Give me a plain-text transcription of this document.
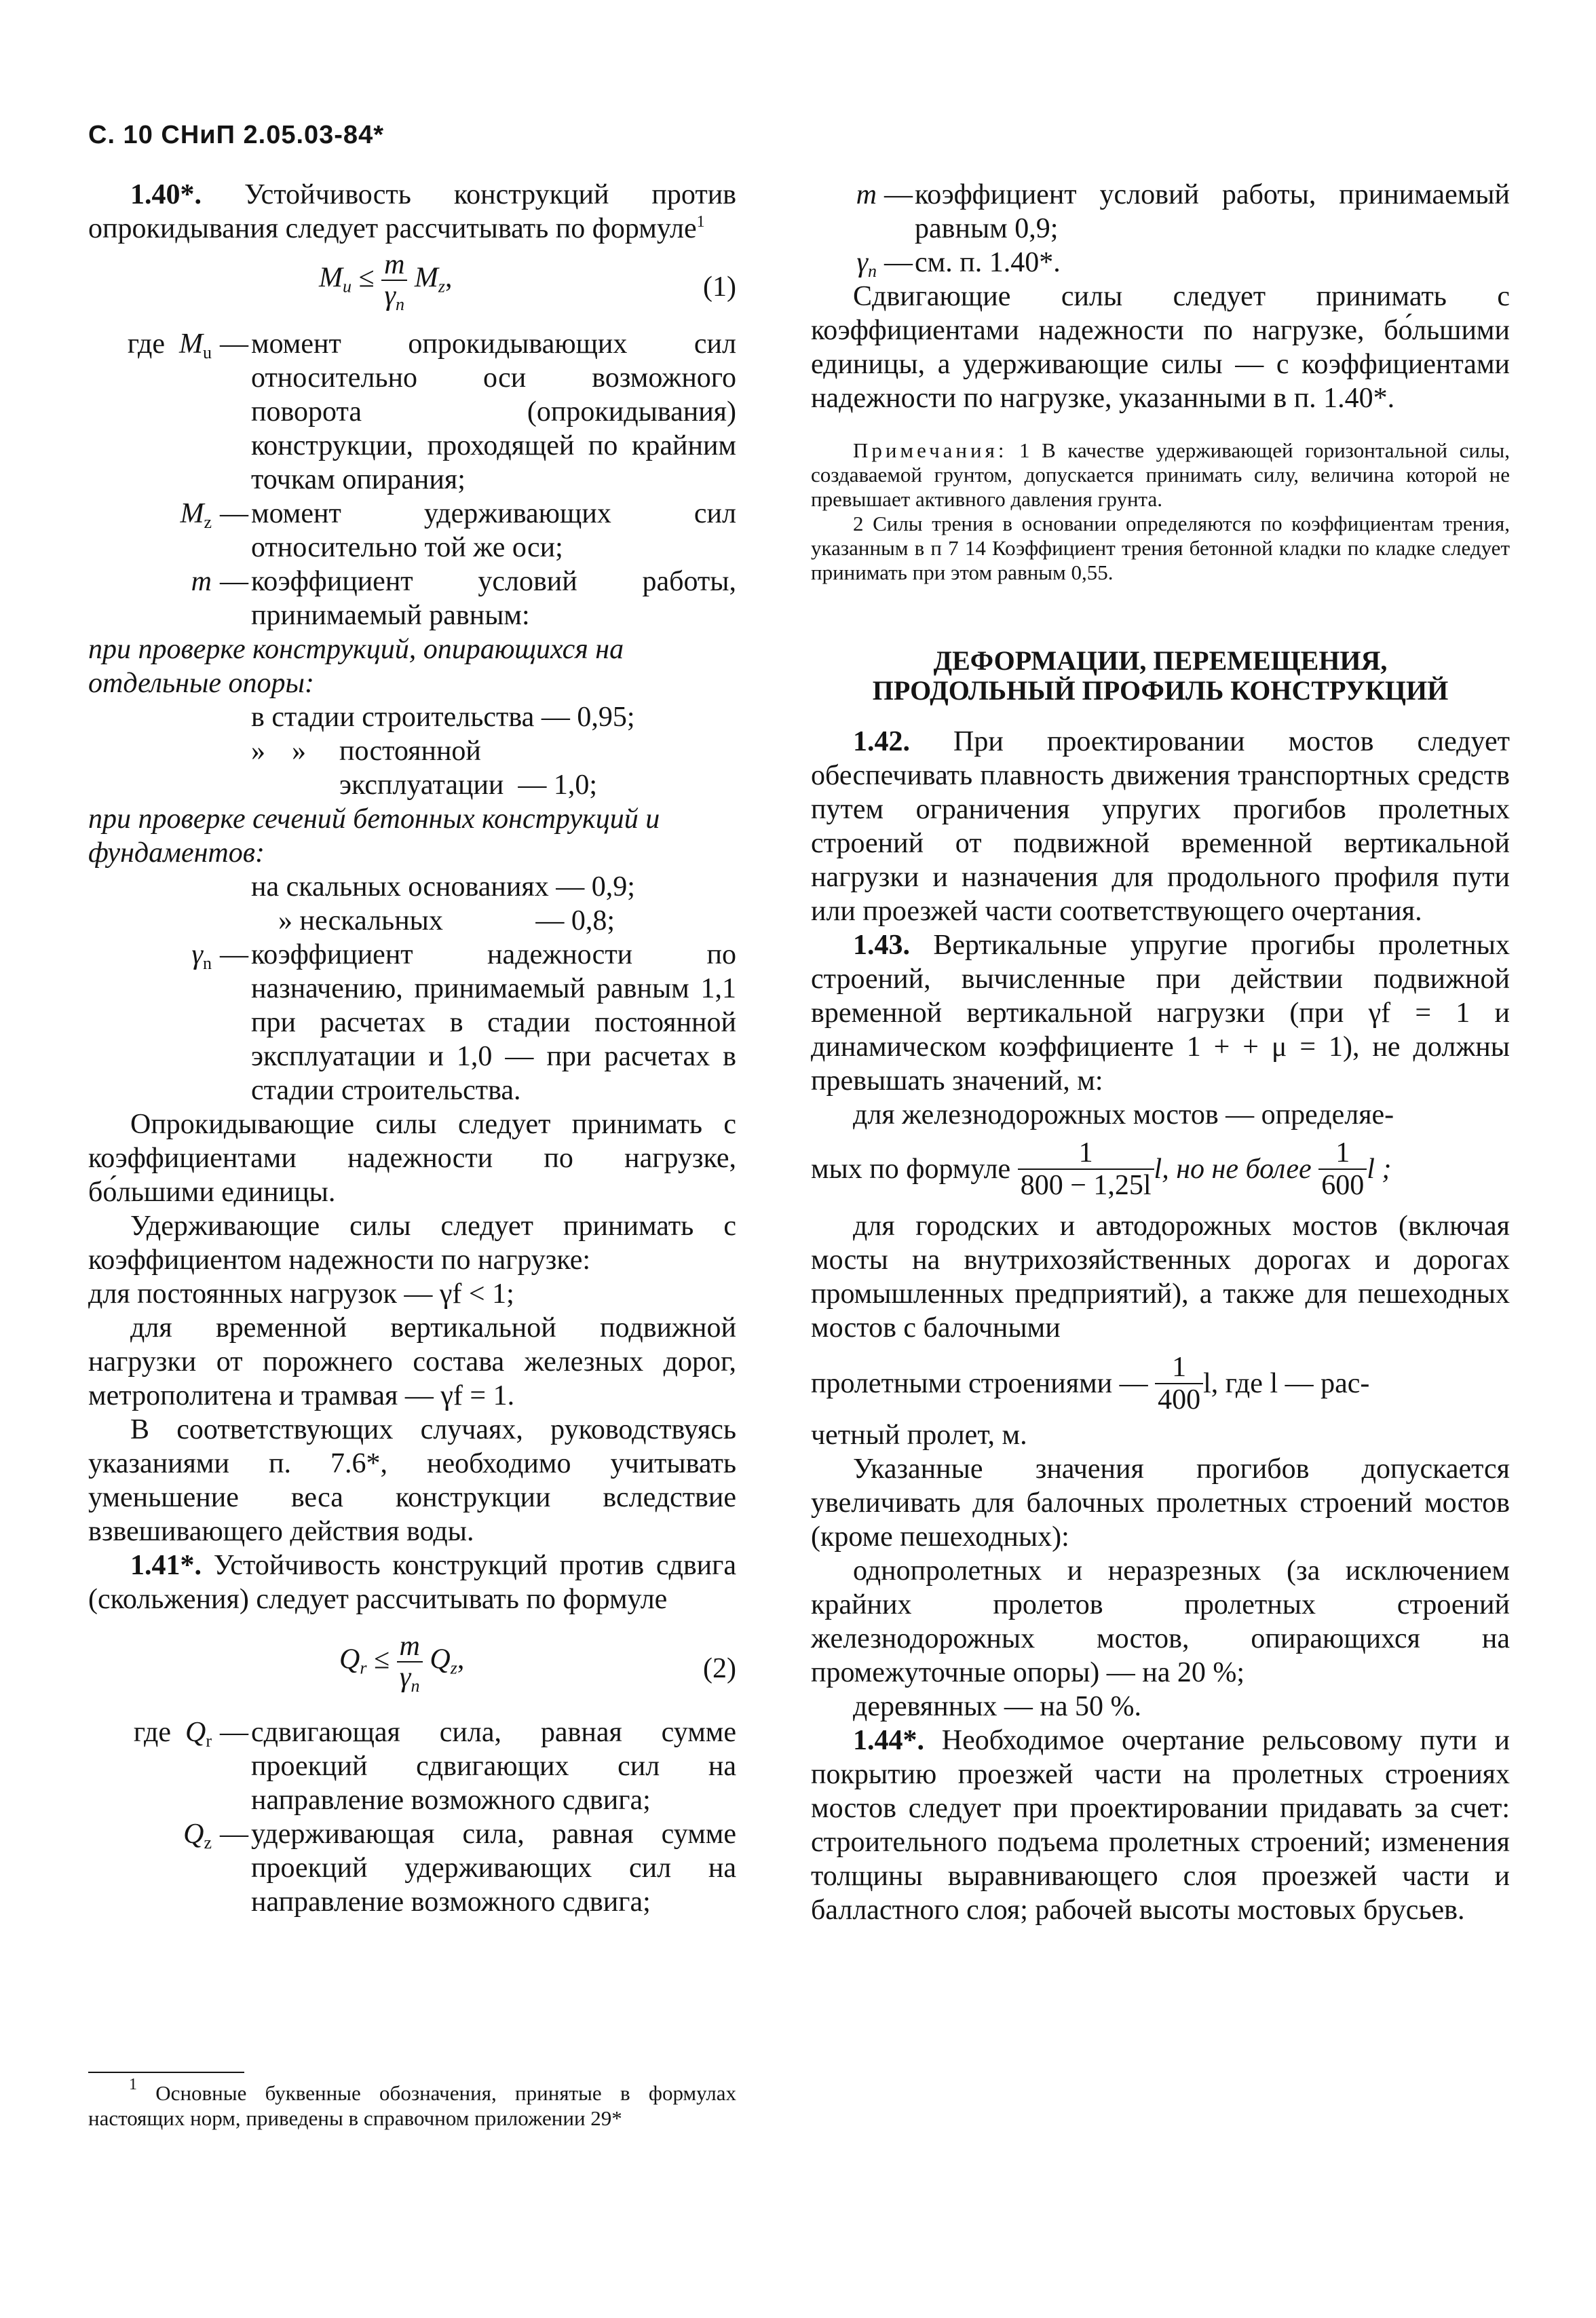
С. 10 СНиП 2.05.03-84*

1.40*. Устойчивость конструкций против опрокидывания следует рассчитывать по формуле$^1$

$M_u \le \frac{m}{\gamma_n} M_z$,	(1)
где $M_u$ — момент опрокидывающих сил относительно оси возможного поворота (опрокидывания) конструкции, проходящей по крайним точкам опирания;
$M_z$ — момент удерживающих сил относительно той же оси;
m — коэффициент условий работы, принимаемый равным:

при проверке конструкций, опирающихся на отдельные опоры:

в стадии строительства — 0,95;
» »	постоянной
эксплуатации  — 1,0;

при проверке сечений бетонных конструкций и фундаментов:

на скальных основаниях — 0,9;
» нескальных             — 0,8;
$\gamma_n$ — коэффициент надежности по назначению, принимаемый равным 1,1 при расчетах в стадии постоянной эксплуатации и 1,0 — при расчетах в стадии строительства.

Опрокидывающие силы следует принимать с коэффициентами надежности по нагрузке, бо́льшими единицы.

Удерживающие силы следует принимать с коэффициентом надежности по нагрузке:

для постоянных нагрузок — γf < 1;

для временной вертикальной подвижной нагрузки от порожнего состава железных дорог, метрополитена и трамвая — γf = 1.

В соответствующих случаях, руководствуясь указаниями п. 7.6*, необходимо учитывать уменьшение веса конструкции вследствие взвешивающего действия воды.

1.41*. Устойчивость конструкций против сдвига (скольжения) следует рассчитывать по формуле

$Q_r \le \frac{m}{\gamma_n} Q_z$,	(2)
где $Q_r$ — сдвигающая сила, равная сумме проекций сдвигающих сил на направление возможного сдвига;
$Q_z$ — удерживающая сила, равная сумме проекций удерживающих сил на направление возможного сдвига;

$^1$ Основные буквенные обозначения, принятые в формулах настоящих норм, приведены в справочном приложении 29*

m — коэффициент условий работы, принимаемый равным 0,9;
$\gamma_n$ — см. п. 1.40*.

Сдвигающие силы следует принимать с коэффициентами надежности по нагрузке, бо́льшими единицы, а удерживающие силы — с коэффициентами надежности по нагрузке, указанными в п. 1.40*.

Примечания: 1 В качестве удерживающей горизонтальной силы, создаваемой грунтом, допускается принимать силу, величина которой не превышает активного давления грунта.

2 Силы трения в основании определяются по коэффициентам трения, указанным в п 7 14 Коэффициент трения бетонной кладки по кладке следует принимать при этом равным 0,55.

ДЕФОРМАЦИИ, ПЕРЕМЕЩЕНИЯ,
ПРОДОЛЬНЫЙ ПРОФИЛЬ КОНСТРУКЦИЙ

1.42. При проектировании мостов следует обеспечивать плавность движения транспортных средств путем ограничения упругих прогибов пролетных строений от подвижной временной вертикальной нагрузки и назначения для продольного профиля пути или проезжей части соответствующего очертания.

1.43. Вертикальные упругие прогибы пролетных строений, вычисленные при действии подвижной временной вертикальной нагрузки (при γf = 1 и динамическом коэффициенте 1 + + μ = 1), не должны превышать значений, м:

для железнодорожных мостов — определяе-

мых по формуле
$\frac{1}{800 - 1,25l} l$, но не более
$\frac{1}{600}$ l ;

для городских и автодорожных мостов (включая мосты на внутрихозяйственных дорогах и дорогах промышленных предприятий), а также для пешеходных мостов с балочными

пролетными строениями —
$\frac{1}{400} l$, где l — рас-

четный пролет, м.

Указанные значения прогибов допускается увеличивать для балочных пролетных строений мостов (кроме пешеходных):

однопролетных и неразрезных (за исключением крайних пролетов пролетных строений железнодорожных мостов, опирающихся на промежуточные опоры) — на 20 %;

деревянных — на 50 %.

1.44*. Необходимое очертание рельсовому пути и покрытию проезжей части на пролетных строениях мостов следует при проектировании придавать за счет: строительного подъема пролетных строений; изменения толщины выравнивающего слоя проезжей части и балластного слоя; рабочей высоты мостовых брусьев.
